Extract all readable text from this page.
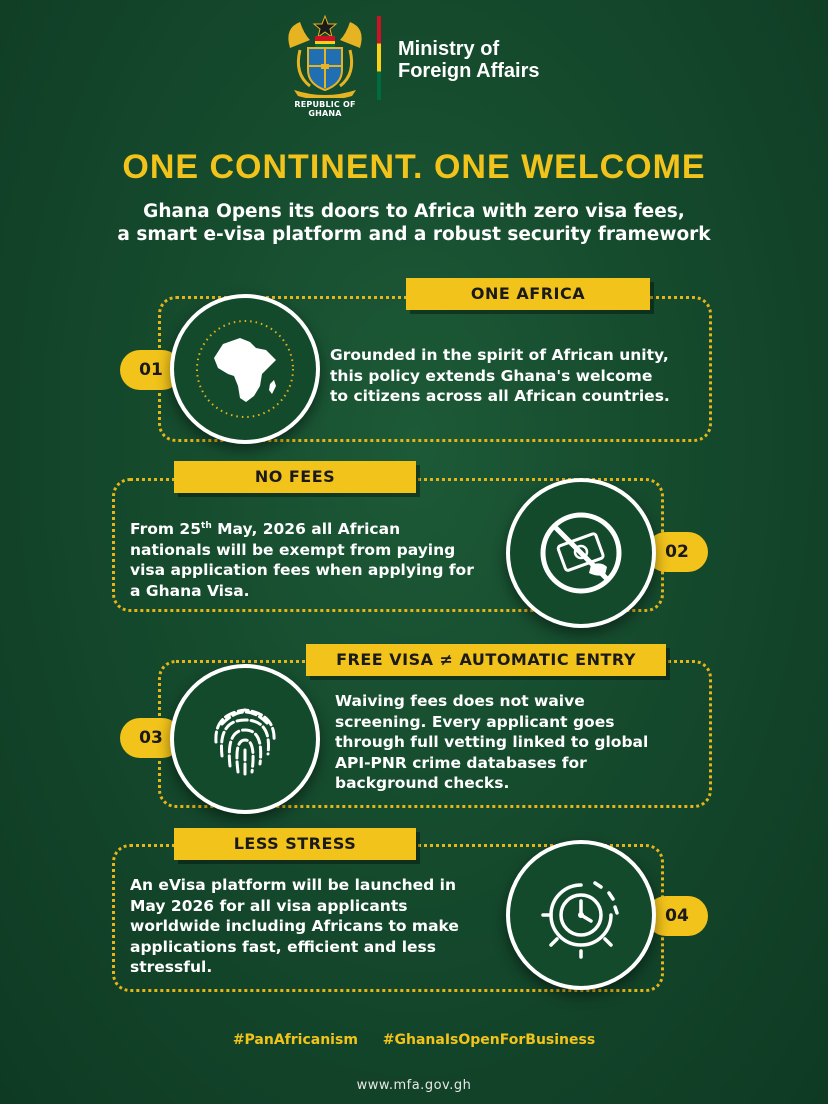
REPUBLIC OF GHANA
Ministry of
Foreign Affairs
ONE CONTINENT. ONE WELCOME
Ghana Opens its doors to Africa with zero visa fees,
a smart e-visa platform and a robust security framework
ONE AFRICA
01
Grounded in the spirit of African unity,
this policy extends Ghana's welcome
to citizens across all African countries.
NO FEES
02
From 25th May, 2026 all African
nationals will be exempt from paying
visa application fees when applying for
a Ghana Visa.
FREE VISA ≠ AUTOMATIC ENTRY
03
Waiving fees does not waive
screening. Every applicant goes
through full vetting linked to global
API-PNR crime databases for
background checks.
LESS STRESS
04
An eVisa platform will be launched in
May 2026 for all visa applicants
worldwide including Africans to make
applications fast, efficient and less
stressful.
#PanAfricanism #GhanaIsOpenForBusiness
www.mfa.gov.gh
